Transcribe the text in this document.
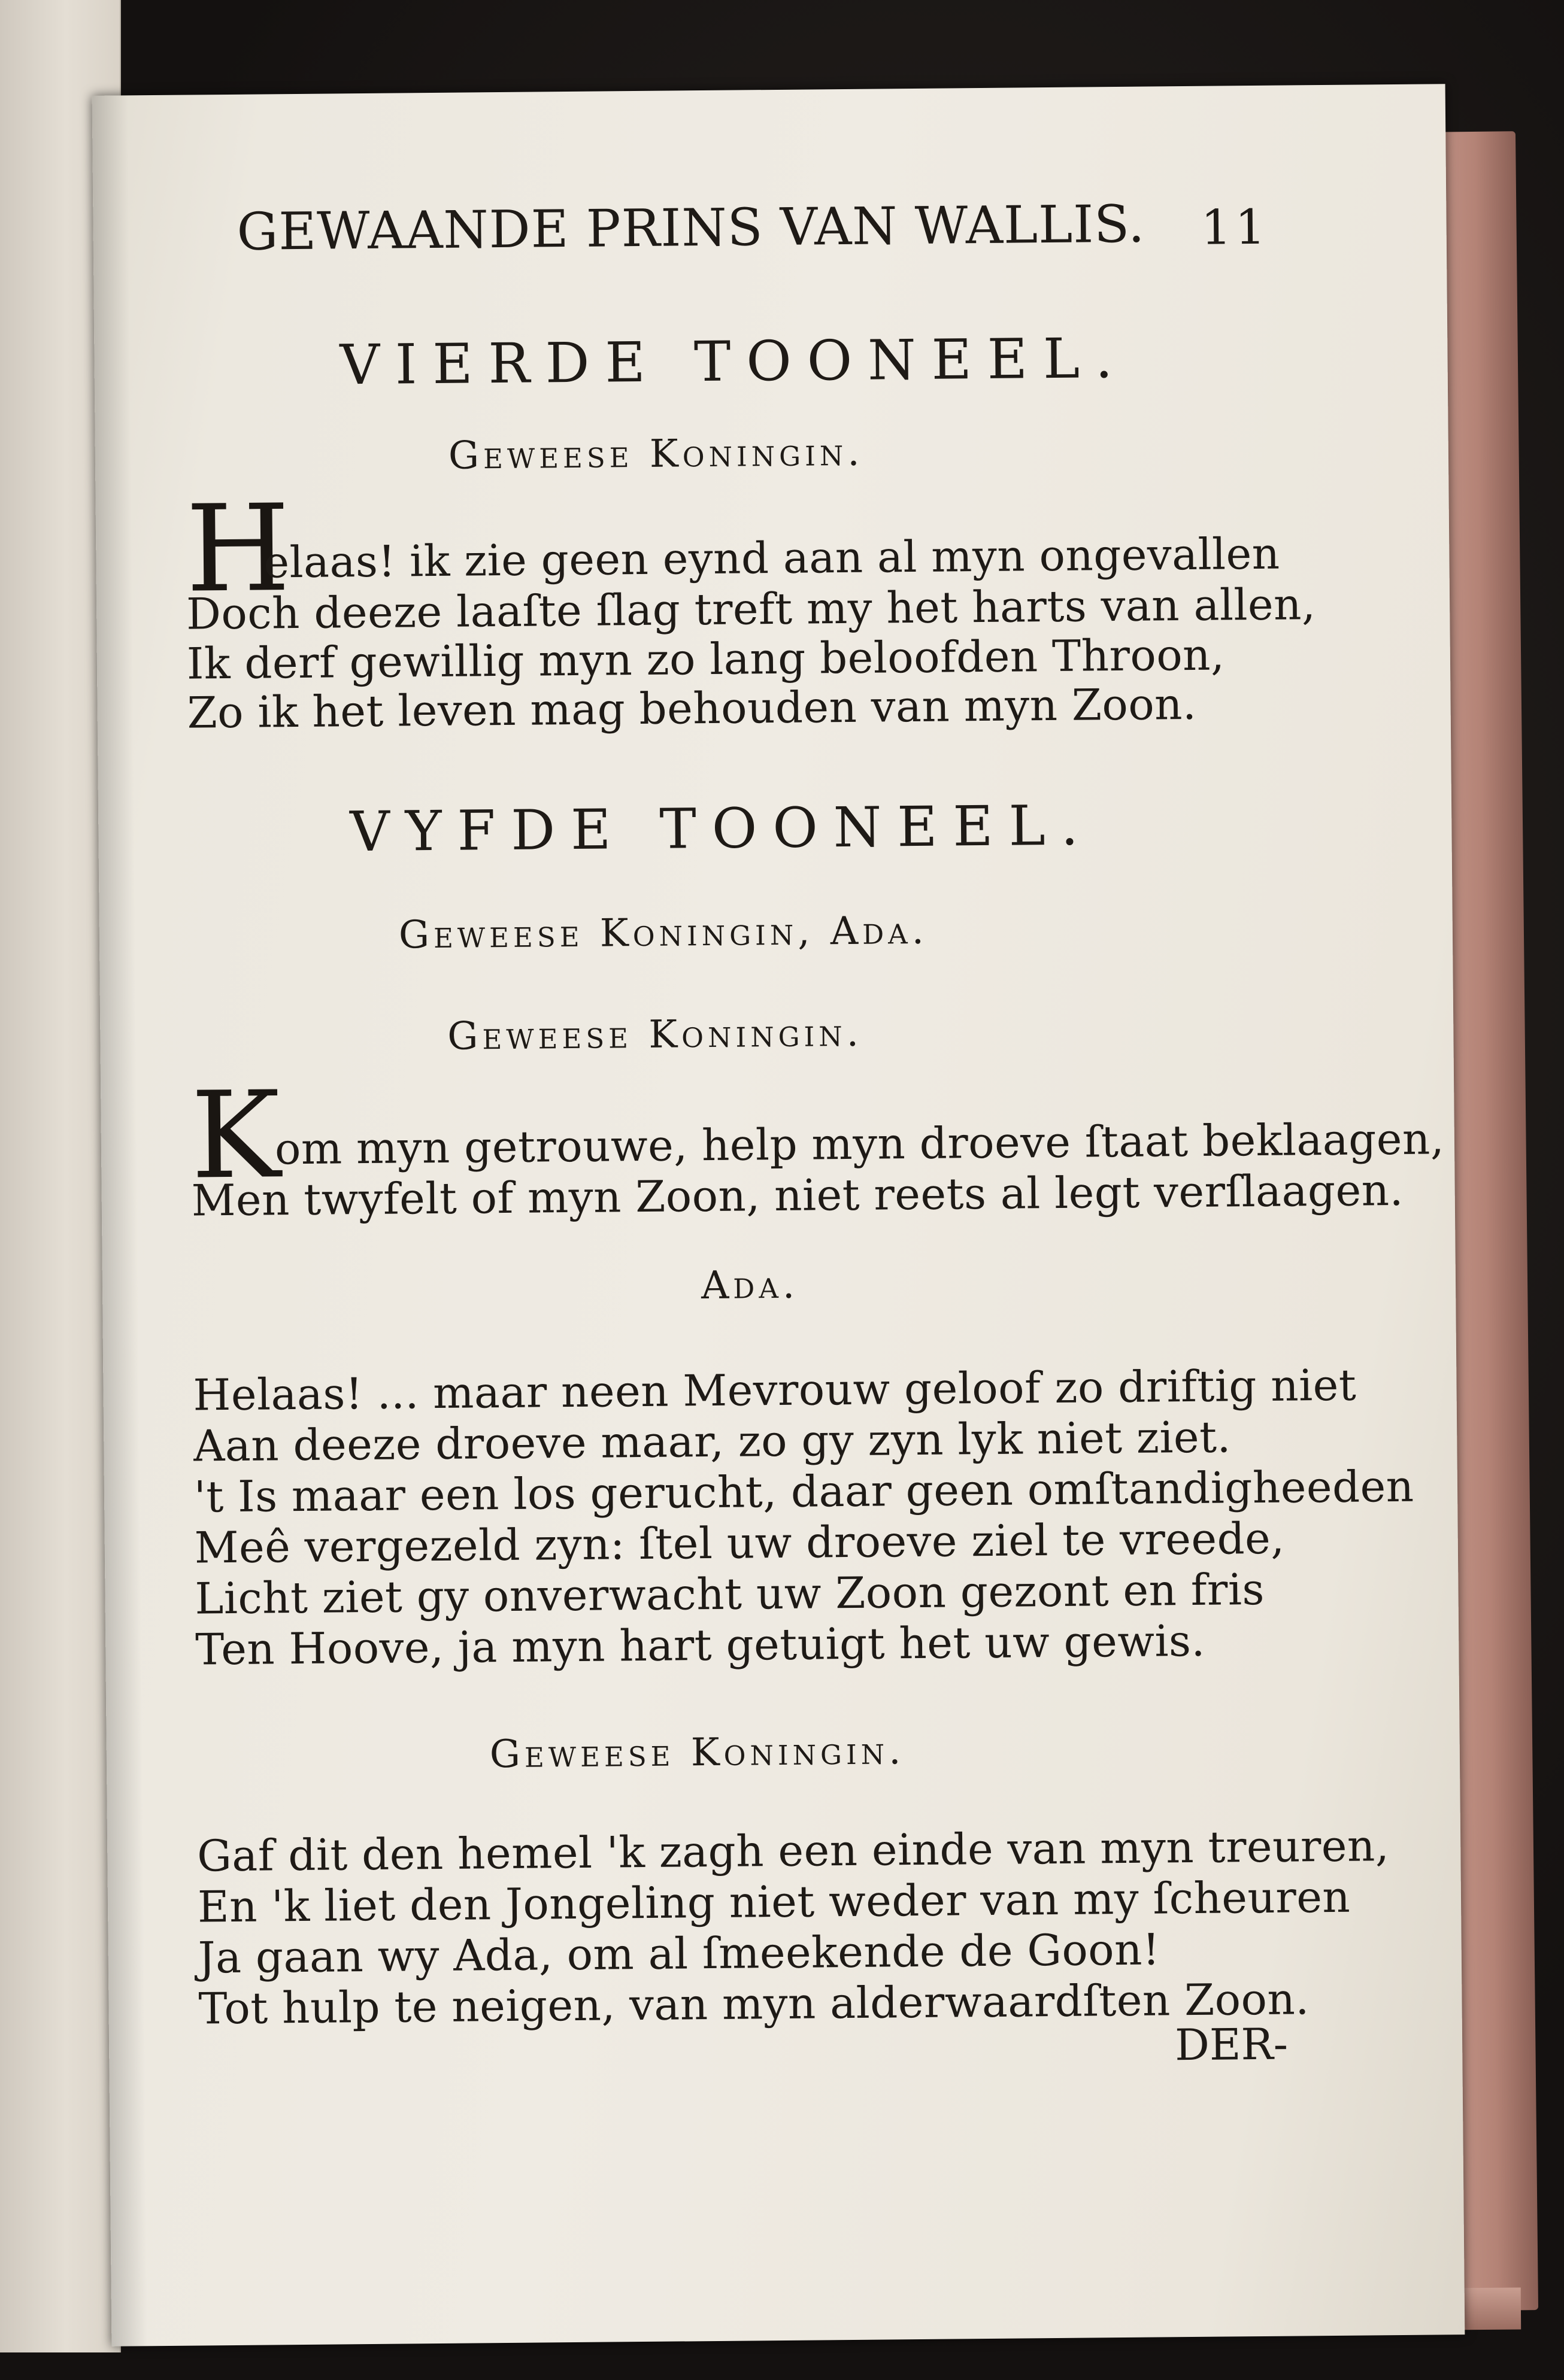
GEWAANDE PRINS VAN WALLIS. 11
VIERDE TOONEEL.
Geweese Koningin.
H
elaas! ik zie geen eynd aan al myn ongevallen
Doch deeze laaſte ſlag treft my het harts van allen,
Ik derf gewillig myn zo lang beloofden Throon,
Zo ik het leven mag behouden van myn Zoon.
VYFDE TOONEEL.
Geweese Koningin, Ada.
Geweese Koningin.
K
om myn getrouwe, help myn droeve ſtaat beklaagen,
Men twyfelt of myn Zoon, niet reets al legt verſlaagen.
Ada.
Helaas! ... maar neen Mevrouw geloof zo driftig niet
Aan deeze droeve maar, zo gy zyn lyk niet ziet.
't Is maar een los gerucht, daar geen omſtandigheeden
Meê vergezeld zyn: ſtel uw droeve ziel te vreede,
Licht ziet gy onverwacht uw Zoon gezont en fris
Ten Hoove, ja myn hart getuigt het uw gewis.
Geweese Koningin.
Gaf dit den hemel 'k zagh een einde van myn treuren,
En 'k liet den Jongeling niet weder van my ſcheuren
Ja gaan wy Ada, om al ſmeekende de Goon!
Tot hulp te neigen, van myn alderwaardſten Zoon.
DER-
